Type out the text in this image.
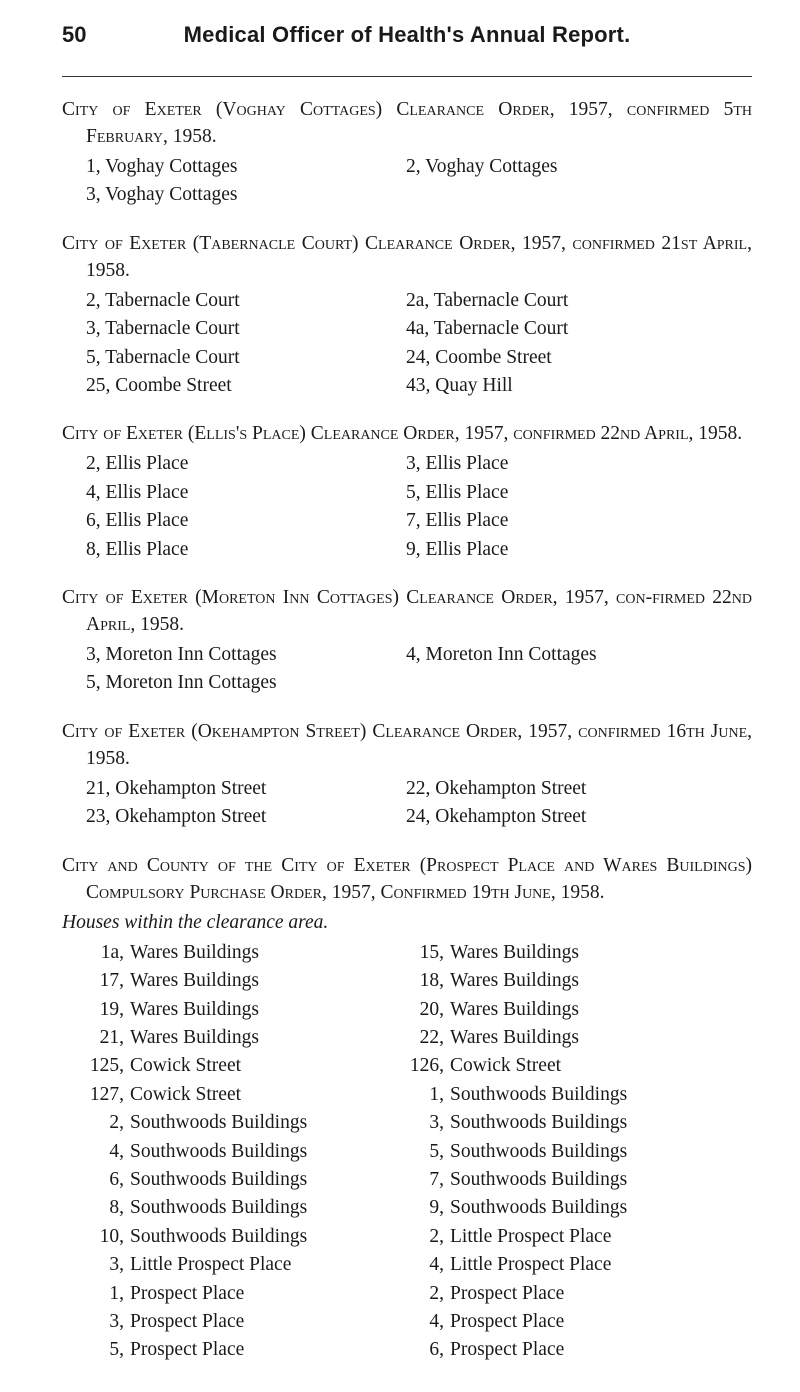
50	Medical Officer of Health's Annual Report.

City of Exeter (Voghay Cottages) Clearance Order, 1957, confirmed 5th February, 1958.

1, Voghay Cottages	2, Voghay Cottages
3, Voghay Cottages

City of Exeter (Tabernacle Court) Clearance Order, 1957, confirmed 21st April, 1958.

2, Tabernacle Court	2a, Tabernacle Court
3, Tabernacle Court	4a, Tabernacle Court
5, Tabernacle Court	24, Coombe Street
25, Coombe Street	43, Quay Hill

City of Exeter (Ellis's Place) Clearance Order, 1957, confirmed 22nd April, 1958.

2, Ellis Place	3, Ellis Place
4, Ellis Place	5, Ellis Place
6, Ellis Place	7, Ellis Place
8, Ellis Place	9, Ellis Place

City of Exeter (Moreton Inn Cottages) Clearance Order, 1957, con-firmed 22nd April, 1958.

3, Moreton Inn Cottages	4, Moreton Inn Cottages
5, Moreton Inn Cottages

City of Exeter (Okehampton Street) Clearance Order, 1957, confirmed 16th June, 1958.

21, Okehampton Street	22, Okehampton Street
23, Okehampton Street	24, Okehampton Street

City and County of the City of Exeter (Prospect Place and Wares Buildings) Compulsory Purchase Order, 1957, Confirmed 19th June, 1958.

Houses within the clearance area.

1a, Wares Buildings	15, Wares Buildings
17, Wares Buildings	18, Wares Buildings
19, Wares Buildings	20, Wares Buildings
21, Wares Buildings	22, Wares Buildings
125, Cowick Street	126, Cowick Street
127, Cowick Street	1, Southwoods Buildings
2, Southwoods Buildings	3, Southwoods Buildings
4, Southwoods Buildings	5, Southwoods Buildings
6, Southwoods Buildings	7, Southwoods Buildings
8, Southwoods Buildings	9, Southwoods Buildings
10, Southwoods Buildings	2, Little Prospect Place
3, Little Prospect Place	4, Little Prospect Place
1, Prospect Place	2, Prospect Place
3, Prospect Place	4, Prospect Place
5, Prospect Place	6, Prospect Place
